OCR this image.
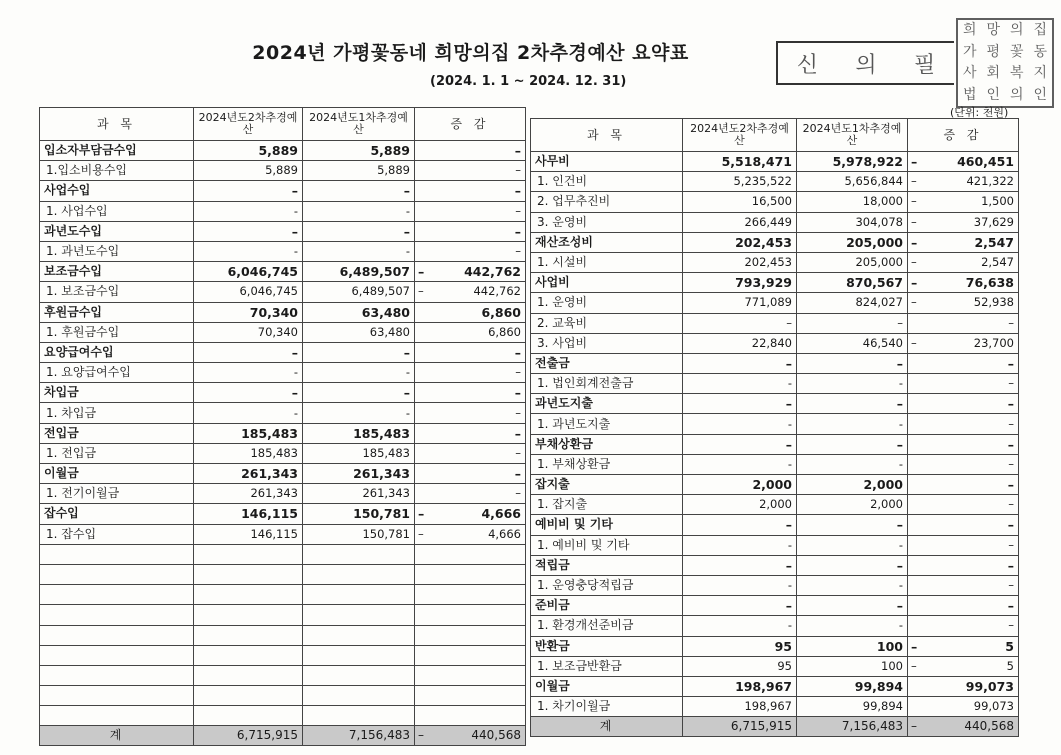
2024년 가평꽃동네 희망의집 2차추경예산 요약표
(2024. 1. 1 ~ 2024. 12. 31)
신 의 필
희 망 의 집
가 평 꽃 동
사 회 복 지
법 인 의 인
(단위: 천원)
과 목	2024년도2차추경예산	2024년도1차추경예산	증 감
입소자부담금수입	5,889	5,889	–
1.입소비용수입	5,889	5,889	–
사업수입	–	–	–
1. 사업수입	-	-	–
과년도수입	–	–	–
1. 과년도수입	-	-	–
보조금수입	6,046,745	6,489,507	– 442,762
1. 보조금수입	6,046,745	6,489,507	– 442,762
후원금수입	70,340	63,480	6,860
1. 후원금수입	70,340	63,480	6,860
요양급여수입	–	–	–
1. 요양급여수입	-	-	–
차입금	–	–	–
1. 차입금	-	-	–
전입금	185,483	185,483	–
1. 전입금	185,483	185,483	–
이월금	261,343	261,343	–
1. 전기이월금	261,343	261,343	–
잡수입	146,115	150,781	– 4,666
1. 잡수입	146,115	150,781	– 4,666

계	6,715,915	7,156,483	– 440,568
과 목	2024년도2차추경예산	2024년도1차추경예산	증 감
사무비	5,518,471	5,978,922	– 460,451
1. 인건비	5,235,522	5,656,844	– 421,322
2. 업무추진비	16,500	18,000	– 1,500
3. 운영비	266,449	304,078	– 37,629
재산조성비	202,453	205,000	– 2,547
1. 시설비	202,453	205,000	– 2,547
사업비	793,929	870,567	– 76,638
1. 운영비	771,089	824,027	– 52,938
2. 교육비	–	–	–
3. 사업비	22,840	46,540	– 23,700
전출금	–	–	–
1. 법인회계전출금	-	-	–
과년도지출	–	–	–
1. 과년도지출	-	-	–
부채상환금	–	–	–
1. 부채상환금	-	-	–
잡지출	2,000	2,000	–
1. 잡지출	2,000	2,000	–
예비비 및 기타	–	–	–
1. 예비비 및 기타	-	-	–
적립금	–	–	–
1. 운영충당적립금	-	-	–
준비금	–	–	–
1. 환경개선준비금	-	-	–
반환금	95	100	– 5
1. 보조금반환금	95	100	– 5
이월금	198,967	99,894	99,073
1. 차기이월금	198,967	99,894	99,073
계	6,715,915	7,156,483	– 440,568
